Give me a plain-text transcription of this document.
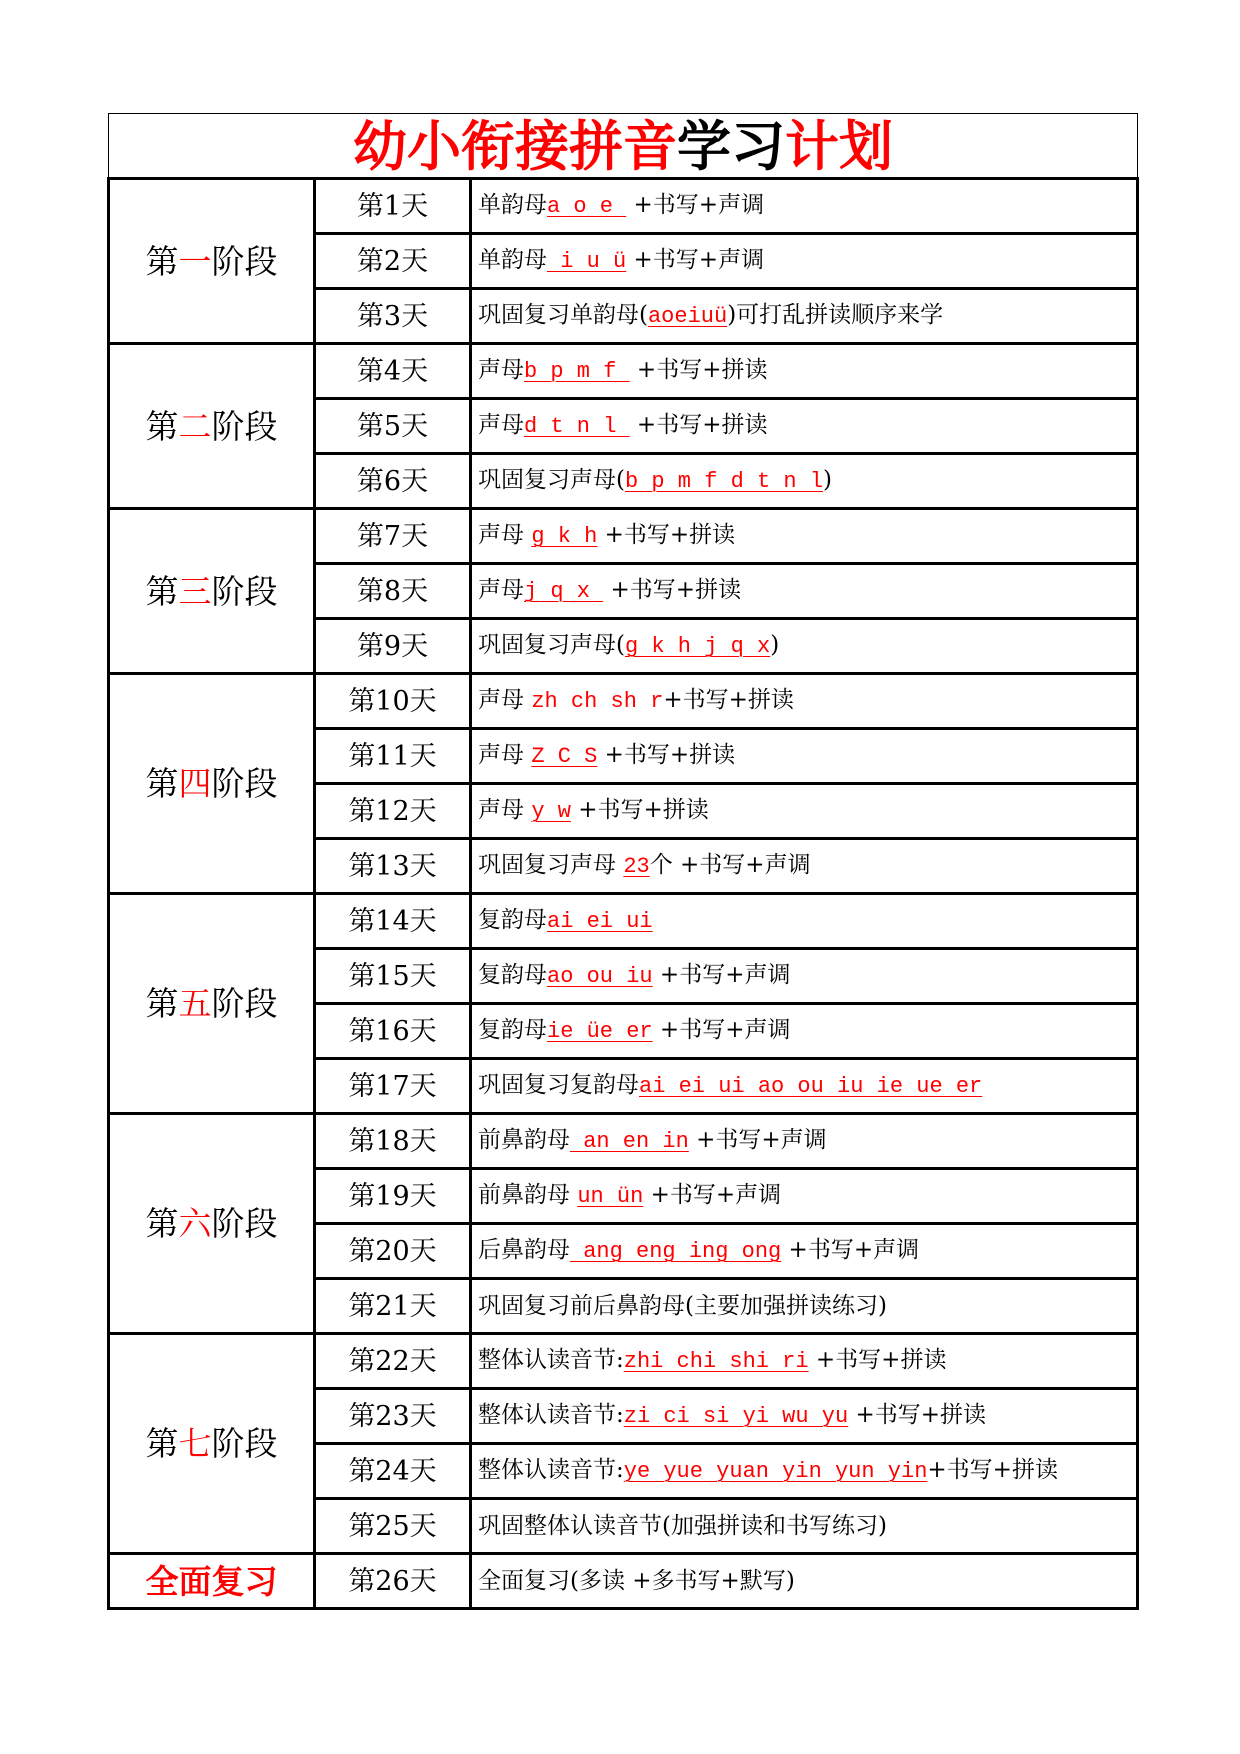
幼小衔接拼音学习计划		
第一阶段	第1天	单韵母a o e  +书写+声调
	第2天	单韵母 i u ü +书写+声调
	第3天	巩固复习单韵母(aoeiuü)可打乱拼读顺序来学
第二阶段	第4天	声母b p m f  +书写+拼读
	第5天	声母d t n l  +书写+拼读
	第6天	巩固复习声母(b p m f d t n l)
第三阶段	第7天	声母 g k h +书写+拼读
	第8天	声母j q x  +书写+拼读
	第9天	巩固复习声母(g k h j q x)
第四阶段	第10天	声母 zh ch sh r+书写+拼读
	第11天	声母 Z C S +书写+拼读
	第12天	声母 y w +书写+拼读
	第13天	巩固复习声母 23个 +书写+声调
第五阶段	第14天	复韵母ai ei ui
	第15天	复韵母ao ou iu +书写+声调
	第16天	复韵母ie üe er +书写+声调
	第17天	巩固复习复韵母ai ei ui ao ou iu ie ue er
第六阶段	第18天	前鼻韵母 an en in +书写+声调
	第19天	前鼻韵母 un ün +书写+声调
	第20天	后鼻韵母 ang eng ing ong +书写+声调
	第21天	巩固复习前后鼻韵母(主要加强拼读练习)
第七阶段	第22天	整体认读音节:zhi chi shi ri +书写+拼读
	第23天	整体认读音节:zi ci si yi wu yu +书写+拼读
	第24天	整体认读音节:ye yue yuan yin yun yin+书写+拼读
	第25天	巩固整体认读音节(加强拼读和书写练习)
全面复习	第26天	全面复习(多读 +多书写+默写)
